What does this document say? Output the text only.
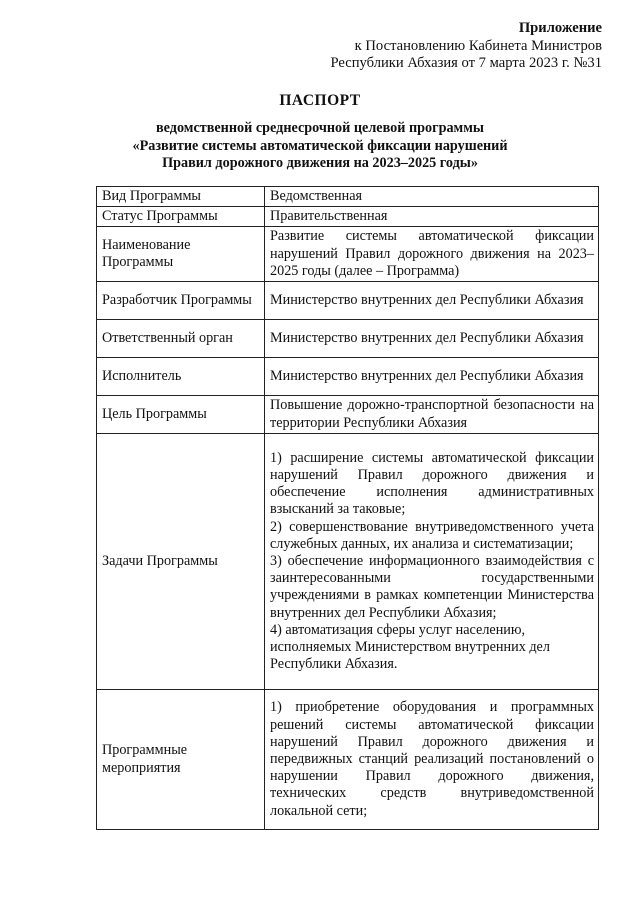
Приложение
к Постановлению Кабинета Министров
Республики Абхазия от 7 марта 2023 г. №31
ПАСПОРТ
ведомственной среднесрочной целевой программы
«Развитие системы автоматической фиксации нарушений
Правил дорожного движения на 2023–2025 годы»
Вид Программы	Ведомственная
Статус Программы	Правительственная
Наименование Программы	Развитие системы автоматической фиксации нарушений Правил дорожного движения на 2023–2025 годы (далее – Программа)
Разработчик Программы	Министерство внутренних дел Республики Абхазия
Ответственный орган	Министерство внутренних дел Республики Абхазия
Исполнитель	Министерство внутренних дел Республики Абхазия
Цель Программы	Повышение дорожно-транспортной безопасности на территории Республики Абхазия
Задачи Программы	1) расширение системы автоматической фиксации нарушений Правил дорожного движения и обеспечение исполнения административных взысканий за таковые;
2) совершенствование внутриведомственного учета служебных данных, их анализа и систематизации;
3) обеспечение информационного взаимодействия с заинтересованными государственными учреждениями в рамках компетенции Министерства внутренних дел Республики Абхазия;
4) автоматизация сферы услуг населению, исполняемых Министерством внутренних дел Республики Абхазия.

Программные мероприятия	1) приобретение оборудования и программных решений системы автоматической фиксации нарушений Правил дорожного движения и передвижных станций реализаций постановлений о нарушении Правил дорожного движения, технических средств внутриведомственной локальной сети;
